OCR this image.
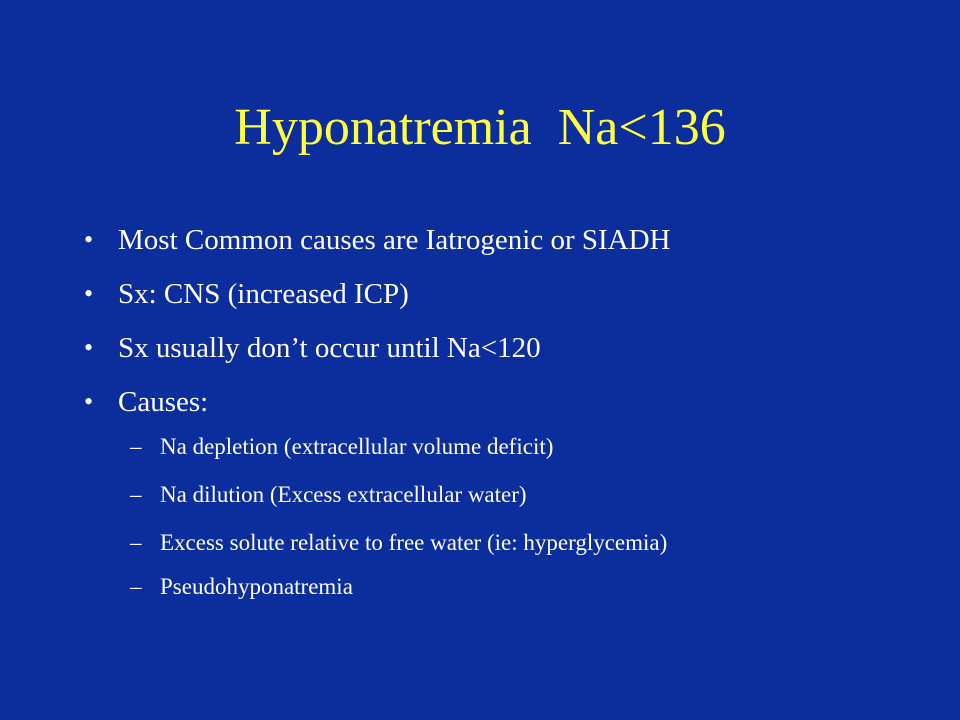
Hyponatremia  Na<136
• Most Common causes are Iatrogenic or SIADH
• Sx: CNS (increased ICP)
• Sx usually don’t occur until Na<120
• Causes:
– Na depletion (extracellular volume deficit)
– Na dilution (Excess extracellular water)
– Excess solute relative to free water (ie: hyperglycemia)
– Pseudohyponatremia
